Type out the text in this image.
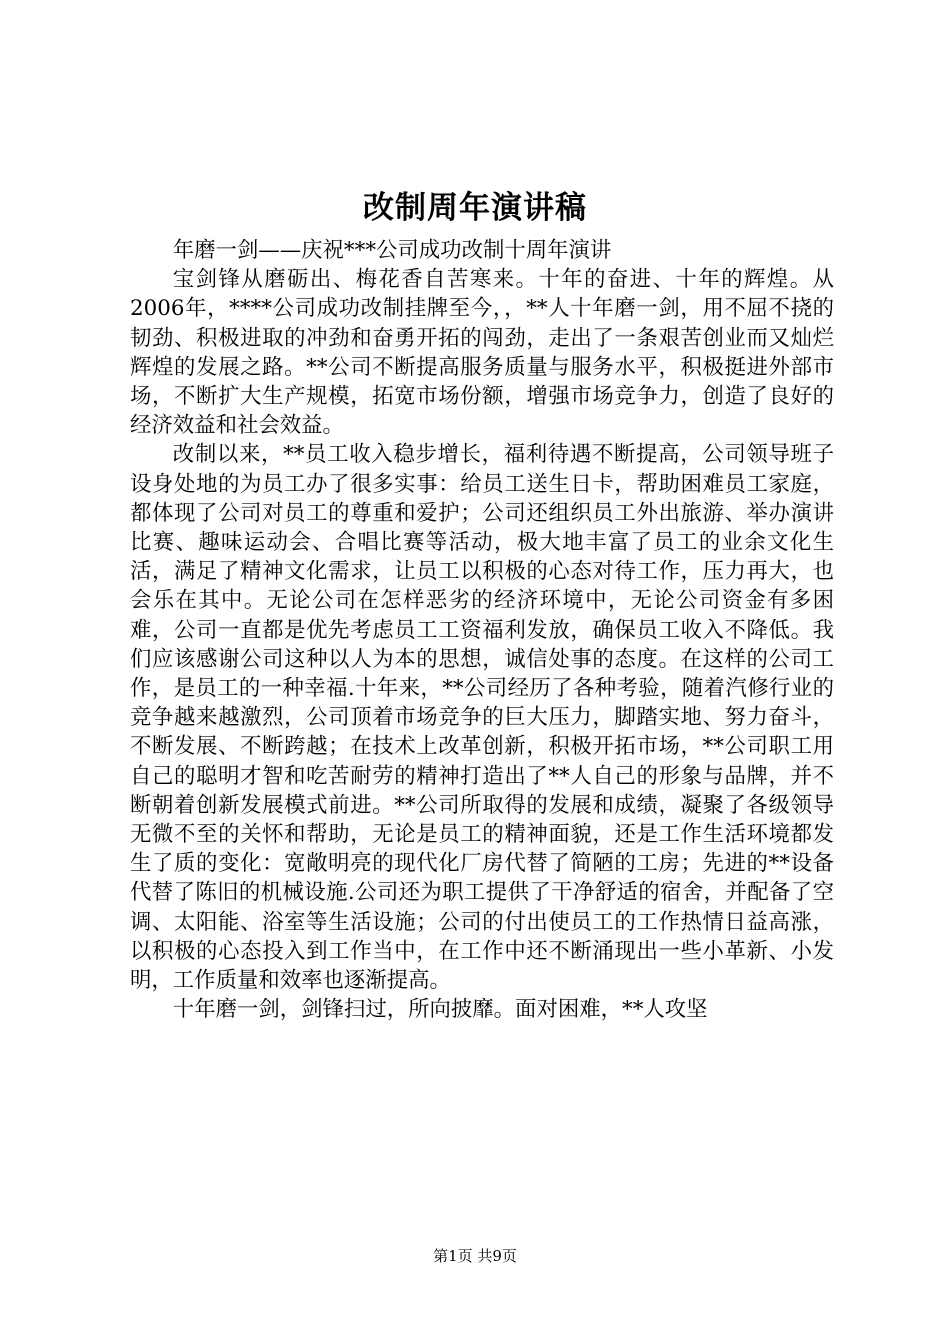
改制周年演讲稿

年磨一剑——庆祝***公司成功改制十周年演讲

宝剑锋从磨砺出、梅花香自苦寒来。十年的奋进、十年的辉煌。从2006年，****公司成功改制挂牌至今，，**人十年磨一剑，用不屈不挠的韧劲、积极进取的冲劲和奋勇开拓的闯劲，走出了一条艰苦创业而又灿烂辉煌的发展之路。**公司不断提高服务质量与服务水平，积极挺进外部市场，不断扩大生产规模，拓宽市场份额，增强市场竞争力，创造了良好的经济效益和社会效益。

改制以来，**员工收入稳步增长，福利待遇不断提高，公司领导班子设身处地的为员工办了很多实事：给员工送生日卡，帮助困难员工家庭，都体现了公司对员工的尊重和爱护；公司还组织员工外出旅游、举办演讲比赛、趣味运动会、合唱比赛等活动，极大地丰富了员工的业余文化生活，满足了精神文化需求，让员工以积极的心态对待工作，压力再大，也会乐在其中。无论公司在怎样恶劣的经济环境中，无论公司资金有多困难，公司一直都是优先考虑员工工资福利发放，确保员工收入不降低。我们应该感谢公司这种以人为本的思想，诚信处事的态度。在这样的公司工作，是员工的一种幸福.十年来，**公司经历了各种考验，随着汽修行业的竞争越来越激烈，公司顶着市场竞争的巨大压力，脚踏实地、努力奋斗，不断发展、不断跨越；在技术上改革创新，积极开拓市场，**公司职工用自己的聪明才智和吃苦耐劳的精神打造出了**人自己的形象与品牌，并不断朝着创新发展模式前进。**公司所取得的发展和成绩，凝聚了各级领导无微不至的关怀和帮助，无论是员工的精神面貌，还是工作生活环境都发生了质的变化：宽敞明亮的现代化厂房代替了简陋的工房；先进的**设备代替了陈旧的机械设施.公司还为职工提供了干净舒适的宿舍，并配备了空调、太阳能、浴室等生活设施；公司的付出使员工的工作热情日益高涨，以积极的心态投入到工作当中，在工作中还不断涌现出一些小革新、小发明，工作质量和效率也逐渐提高。

十年磨一剑，剑锋扫过，所向披靡。面对困难，**人攻坚

第1页 共9页
